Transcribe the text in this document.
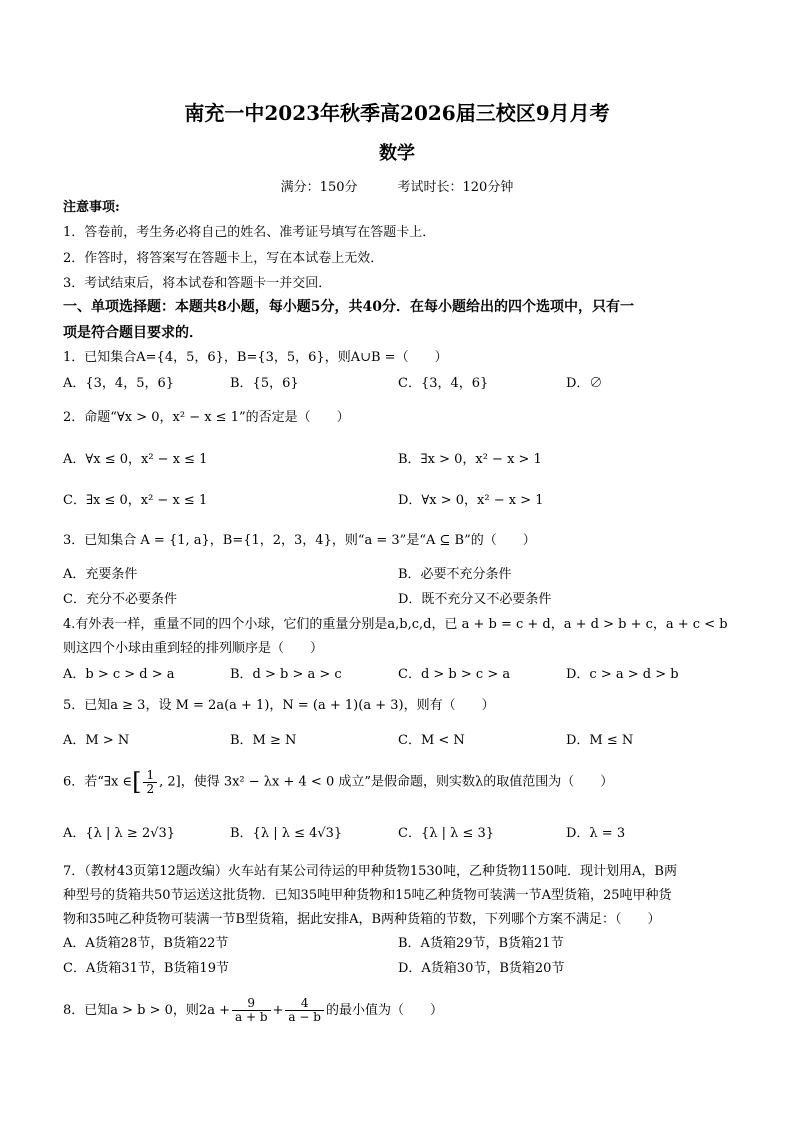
南充一中2023年秋季高2026届三校区9月月考
数学
满分：150分	考试时长：120分钟
注意事项:
1．答卷前，考生务必将自己的姓名、准考证号填写在答题卡上．
2．作答时，将答案写在答题卡上，写在本试卷上无效．
3．考试结束后，将本试卷和答题卡一并交回．
一、单项选择题：本题共8小题，每小题5分，共40分．在每小题给出的四个选项中，只有一
项是符合题目要求的．
1．已知集合A={4，5，6}，B={3，5，6}，则A∪B =（　　）
A．{3，4，5，6}	B．{5，6}	C．{3，4，6}	D．∅
2．命题“∀x > 0，x² − x ≤ 1”的否定是（　　）
A．∀x ≤ 0，x² − x ≤ 1	B．∃x > 0，x² − x > 1
C．∃x ≤ 0，x² − x ≤ 1	D．∀x > 0，x² − x > 1
3．已知集合 A = {1, a}，B={1，2，3，4}，则“a = 3”是“A ⊆ B”的（　　）
A．充要条件	B．必要不充分条件
C．充分不必要条件	D．既不充分又不必要条件
4.有外表一样，重量不同的四个小球，它们的重量分别是a,b,c,d，已 a + b = c + d，a + d > b + c，a + c < b
则这四个小球由重到轻的排列顺序是（　　）
A．b > c > d > a	B．d > b > a > c	C．d > b > c > a	D．c > a > d > b
5．已知a ≥ 3，设 M = 2a(a + 1)，N = (a + 1)(a + 3)，则有（　　）
A．M > N	B．M ≥ N	C．M < N	D．M ≤ N
6．若“∃x ∈[ $\frac{1}{2}$ , 2]，使得 3x² − λx + 4 < 0 成立”是假命题，则实数λ的取值范围为（　　）
A．{λ | λ ≥ 2√3}	B．{λ | λ ≤ 4√3}	C．{λ | λ ≤ 3}	D．λ = 3
7．（教材43页第12题改编）火车站有某公司待运的甲种货物1530吨，乙种货物1150吨．现计划用A，B两
种型号的货箱共50节运送这批货物．已知35吨甲种货物和15吨乙种货物可装满一节A型货箱，25吨甲种货
物和35吨乙种货物可装满一节B型货箱，据此安排A，B两种货箱的节数，下列哪个方案不满足：（　　）
A．A货箱28节，B货箱22节	B．A货箱29节，B货箱21节
C．A货箱31节，B货箱19节	D．A货箱30节，B货箱20节
8．已知a > b > 0，则$2a + \frac{9}{a + b} + \frac{4}{a - b}$ 的最小值为（　　）
